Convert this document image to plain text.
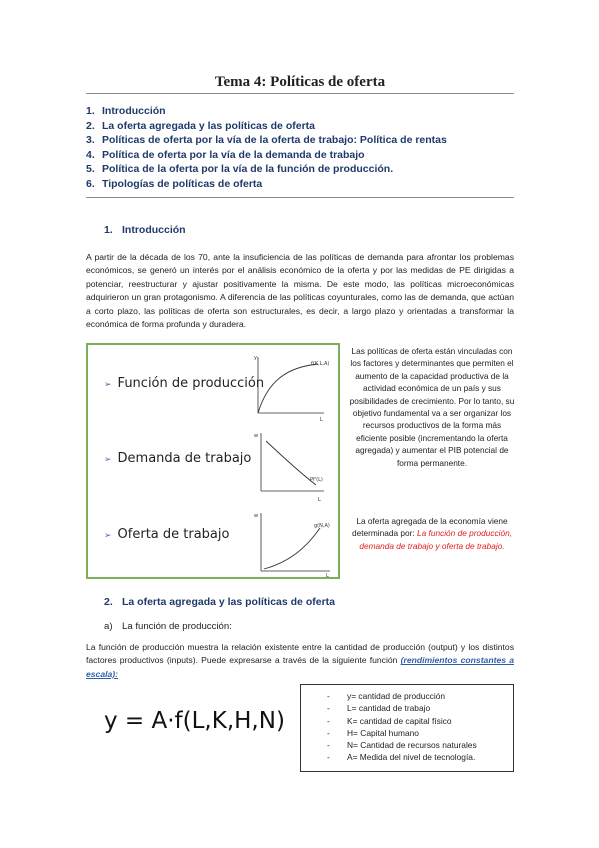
Tema 4: Políticas de oferta
1. Introducción
2. La oferta agregada y las políticas de oferta
3. Políticas de oferta por la vía de la oferta de trabajo: Política de rentas
4. Política de oferta por la vía de la demanda de trabajo
5. Política de la oferta por la vía de la función de producción.
6. Tipologías de políticas de oferta
1. Introducción

A partir de la década de los 70, ante la insuficiencia de las políticas de demanda para afrontar los problemas económicos, se generó un interés por el análisis económico de la oferta y por las medidas de PE dirigidas a potenciar, reestructurar y ajustar positivamente la misma. De este modo, las políticas microeconómicas adquirieron un gran protagonismo. A diferencia de las políticas coyunturales, como las de demanda, que actúan a corto plazo, las políticas de oferta son estructurales, es decir, a largo plazo y orientadas a transformar la económica de forma profunda y duradera.

➢ Función de producción
➢ Demanda de trabajo
➢ Oferta de trabajo
y
L
f(K,L,A)
w
L
Pf'(L)
w
L
g(N,A)
Las políticas de oferta están vinculadas con los factores y determinantes que permiten el aumento de la capacidad productiva de la actividad económica de un país y sus posibilidades de crecimiento. Por lo tanto, su objetivo fundamental va a ser organizar los recursos productivos de la forma más eficiente posible (incrementando la oferta agregada) y aumentar el PIB potencial de forma permanente.
La oferta agregada de la economía viene determinada por: La función de producción, demanda de trabajo y oferta de trabajo.
2. La oferta agregada y las políticas de oferta
a) La función de producción:

La función de producción muestra la relación existente entre la cantidad de producción (output) y los distintos factores productivos (inputs). Puede expresarse a través de la siguiente función (rendimientos constantes a escala):

y = A·f(L,K,H,N)
- y= cantidad de producción
- L= cantidad de trabajo
- K= cantidad de capital físico
- H= Capital humano
- N= Cantidad de recursos naturales
- A= Medida del nivel de tecnología.
